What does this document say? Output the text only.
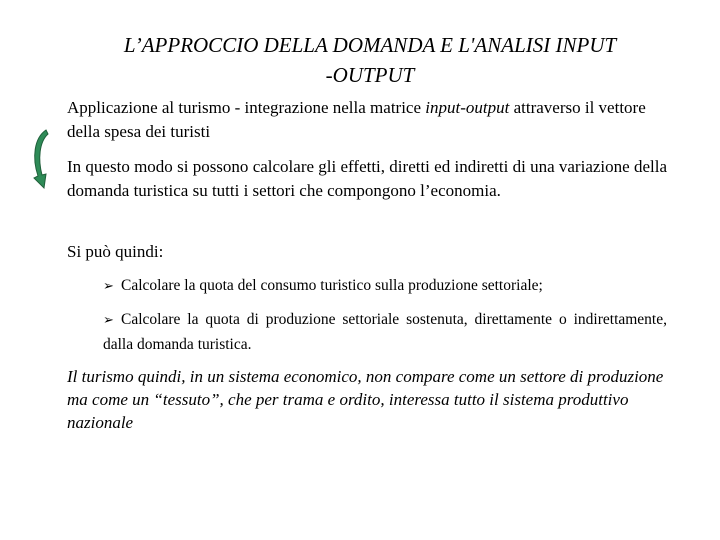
L’APPROCCIO DELLA DOMANDA E L'ANALISI INPUT
-OUTPUT

Applicazione al turismo - integrazione nella matrice input-output attraverso il vettore della spesa dei turisti

In questo modo si possono calcolare gli effetti, diretti ed indiretti di una variazione della domanda turistica su tutti i settori che compongono l’economia.

Si può quindi:

➢ Calcolare la quota del consumo turistico sulla produzione settoriale;

➢ Calcolare la quota di produzione settoriale sostenuta, direttamente o indirettamente, dalla domanda turistica.

Il turismo quindi, in un sistema economico, non compare come un settore di produzione ma come un “tessuto”, che per trama e ordito, interessa tutto il sistema produttivo nazionale
